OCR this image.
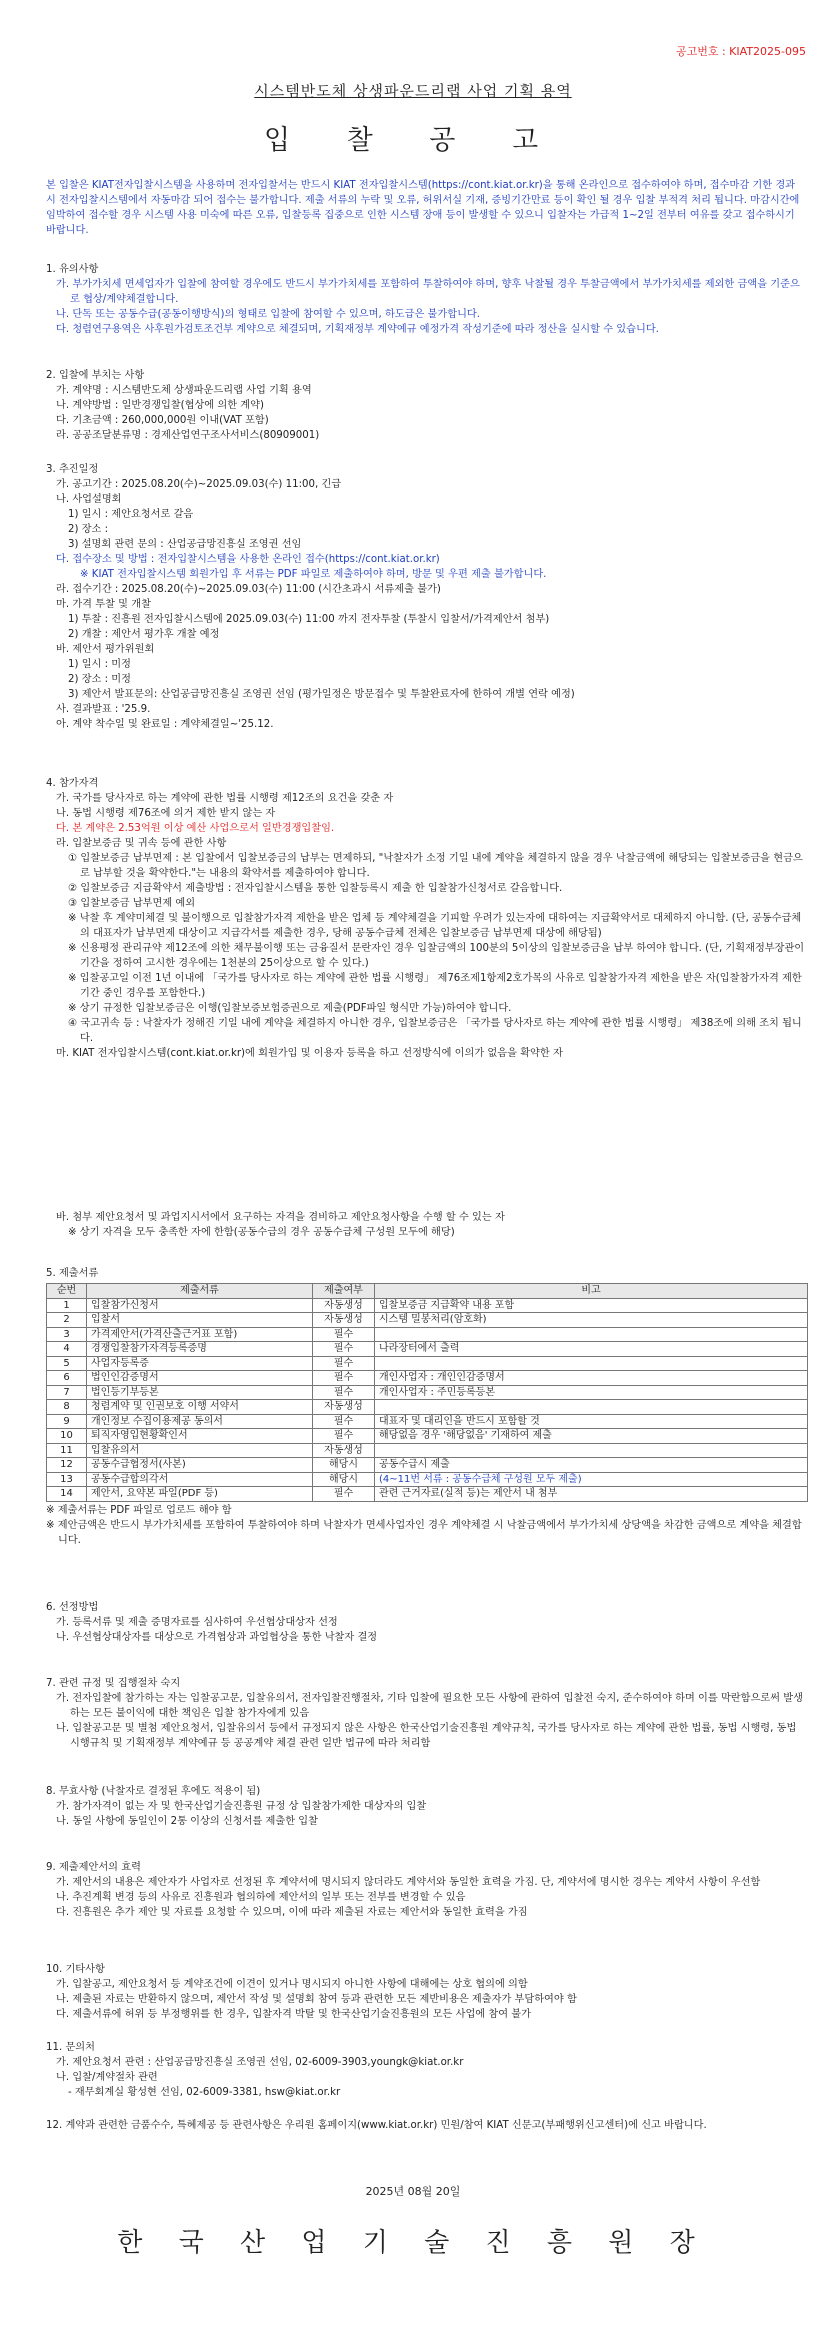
공고번호 : KIAT2025-095
시스템반도체 상생파운드리랩 사업 기획 용역
입 찰 공 고
본 입찰은 KIAT전자입찰시스템을 사용하며 전자입찰서는 반드시 KIAT 전자입찰시스템(https://cont.kiat.or.kr)을 통해 온라인으로 접수하여야 하며, 접수마감 기한 경과 시 전자입찰시스템에서 자동마감 되어 접수는 불가합니다. 제출 서류의 누락 및 오류, 허위서실 기재, 증빙기간만료 등이 확인 될 경우 입찰 부적격 처리 됩니다. 마감시간에 임박하여 접수할 경우 시스템 사용 미숙에 따른 오류, 입찰등록 집중으로 인한 시스템 장애 등이 발생할 수 있으니 입찰자는 가급적 1~2일 전부터 여유를 갖고 접수하시기 바랍니다.
1. 유의사항
가. 부가가치세 면세업자가 입찰에 참여할 경우에도 반드시 부가가치세를 포함하여 투찰하여야 하며, 향후 낙찰될 경우 투찰금액에서 부가가치세를 제외한 금액을 기준으로 협상/계약체결합니다.
나. 단독 또는 공동수급(공동이행방식)의 형태로 입찰에 참여할 수 있으며, 하도급은 불가합니다.
다. 청렴연구용역은 사후원가검토조건부 계약으로 체결되며, 기획재정부 계약예규 예정가격 작성기준에 따라 정산을 실시할 수 있습니다.
2. 입찰에 부치는 사항
가. 계약명 : 시스템반도체 상생파운드리랩 사업 기획 용역
나. 계약방법 : 일반경쟁입찰(협상에 의한 계약)
다. 기초금액 : 260,000,000원 이내(VAT 포함)
라. 공공조달분류명 : 경제산업연구조사서비스(80909001)
3. 추진일정
가. 공고기간 : 2025.08.20(수)~2025.09.03(수) 11:00, 긴급
나. 사업설명회
1) 일시 : 제안요청서로 갈음
2) 장소 :
3) 설명회 관련 문의 : 산업공급망진흥실 조영권 선임
다. 접수장소 및 방법 : 전자입찰시스템을 사용한 온라인 접수(https://cont.kiat.or.kr)
※ KIAT 전자입찰시스템 회원가입 후 서류는 PDF 파일로 제출하여야 하며, 방문 및 우편 제출 불가합니다.
라. 접수기간 : 2025.08.20(수)~2025.09.03(수) 11:00 (시간초과시 서류제출 불가)
마. 가격 투찰 및 개찰
1) 투찰 : 진흥원 전자입찰시스템에 2025.09.03(수) 11:00 까지 전자투찰 (투찰시 입찰서/가격제안서 첨부)
2) 개찰 : 제안서 평가후 개찰 예정
바. 제안서 평가위원회
1) 일시 : 미정
2) 장소 : 미정
3) 제안서 발표문의: 산업공급망진흥실 조영권 선임 (평가일정은 방문접수 및 투찰완료자에 한하여 개별 연락 예정)
사. 결과발표 : '25.9.
아. 계약 착수일 및 완료일 : 계약체결일~'25.12.
4. 참가자격
가. 국가를 당사자로 하는 계약에 관한 법률 시행령 제12조의 요건을 갖춘 자
나. 동법 시행령 제76조에 의거 제한 받지 않는 자
다. 본 계약은 2.53억원 이상 예산 사업으로서 일반경쟁입찰임.
라. 입찰보증금 및 귀속 등에 관한 사항
① 입찰보증금 납부면제 : 본 입찰에서 입찰보증금의 납부는 면제하되, "낙찰자가 소정 기일 내에 계약을 체결하지 않을 경우 낙찰금액에 해당되는 입찰보증금을 현금으로 납부할 것을 확약한다."는 내용의 확약서를 제출하여야 합니다.
② 입찰보증금 지급확약서 제출방법 : 전자입찰시스템을 통한 입찰등록시 제출 한 입찰참가신청서로 갈음합니다.
③ 입찰보증금 납부면제 예외
※ 낙찰 후 계약미체결 및 불이행으로 입찰참가자격 제한을 받은 업체 등 계약체결을 기피할 우려가 있는자에 대하여는 지급확약서로 대체하지 아니함. (단, 공동수급체의 대표자가 납부면제 대상이고 지급각서를 제출한 경우, 당해 공동수급체 전체은 입찰보증금 납부면제 대상에 해당됨)
※ 신용평정 관리규약 제12조에 의한 채무불이행 또는 금융질서 문란자인 경우 입찰금액의 100분의 5이상의 입찰보증금을 납부 하여야 합니다. (단, 기획재정부장관이 기간을 정하여 고시한 경우에는 1천분의 25이상으로 할 수 있다.)
※ 입찰공고일 이전 1년 이내에 「국가를 당사자로 하는 계약에 관한 법률 시행령」 제76조제1항제2호가목의 사유로 입찰참가자격 제한을 받은 자(입찰참가자격 제한 기간 중인 경우를 포함한다.)
※ 상기 규정한 입찰보증금은 이행(입찰보증보험증권으로 제출(PDF파일 형식만 가능)하여야 합니다.
④ 국고귀속 등 : 낙찰자가 정해진 기일 내에 계약을 체결하지 아니한 경우, 입찰보증금은 「국가를 당사자로 하는 계약에 관한 법률 시행령」 제38조에 의해 조치 됩니다.
마. KIAT 전자입찰시스템(cont.kiat.or.kr)에 회원가입 및 이용자 등록을 하고 선정방식에 이의가 없음을 확약한 자
바. 첨부 제안요청서 및 과업지시서에서 요구하는 자격을 겸비하고 제안요청사항을 수행 할 수 있는 자
※ 상기 자격을 모두 충족한 자에 한함(공동수급의 경우 공동수급체 구성원 모두에 해당)
5. 제출서류
순번	제출서류	제출여부	비고
1	입찰참가신청서	자동생성	입찰보증금 지급확약 내용 포함
2	입찰서	자동생성	시스템 밀봉처리(암호화)
3	가격제안서(가격산출근거표 포함)	필수	
4	경쟁입찰참가자격등록증명	필수	나라장터에서 출력
5	사업자등록증	필수	
6	법인인감증명서	필수	개인사업자 : 개인인감증명서
7	법인등기부등본	필수	개인사업자 : 주민등록등본
8	청렴계약 및 인권보호 이행 서약서	자동생성	
9	개인정보 수집이용제공 동의서	필수	대표자 및 대리인을 반드시 포함할 것
10	퇴직자영입현황확인서	필수	해당없음 경우 '해당없음' 기재하여 제출
11	입찰유의서	자동생성	
12	공동수급협정서(사본)	해당시	공동수급시 제출
13	공동수급합의각서	해당시	(4~11번 서류 : 공동수급체 구성원 모두 제출)
14	제안서, 요약본 파일(PDF 등)	필수	관련 근거자료(실적 등)는 제안서 내 첨부
※ 제출서류는 PDF 파일로 업로드 해야 함
※ 제안금액은 반드시 부가가치세를 포함하여 투찰하여야 하며 낙찰자가 면세사업자인 경우 계약체결 시 낙찰금액에서 부가가치세 상당액을 차감한 금액으로 계약을 체결합니다.
6. 선정방법
가. 등록서류 및 제출 증명자료를 심사하여 우선협상대상자 선정
나. 우선협상대상자를 대상으로 가격협상과 과업협상을 통한 낙찰자 결정
7. 관련 규정 및 집행절차 숙지
가. 전자입찰에 참가하는 자는 입찰공고문, 입찰유의서, 전자입찰진행절차, 기타 입찰에 필요한 모든 사항에 관하여 입찰전 숙지, 준수하여야 하며 이를 막란함으로써 발생하는 모든 불이익에 대한 책임은 입찰 참가자에게 있음
나. 입찰공고문 및 별첨 제안요청서, 입찰유의서 등에서 규정되지 않은 사항은 한국산업기술진흥원 계약규칙, 국가를 당사자로 하는 계약에 관한 법률, 동법 시행령, 동법 시행규칙 및 기획재정부 계약예규 등 공공계약 체결 관련 일반 법규에 따라 처리함
8. 무효사항 (낙찰자로 결정된 후에도 적용이 됨)
가. 참가자격이 없는 자 및 한국산업기술진흥원 규정 상 입찰참가제한 대상자의 입찰
나. 동일 사항에 동일인이 2통 이상의 신청서를 제출한 입찰
9. 제출제안서의 효력
가. 제안서의 내용은 제안자가 사업자로 선정된 후 계약서에 명시되지 않더라도 계약서와 동일한 효력을 가짐. 단, 계약서에 명시한 경우는 계약서 사항이 우선함
나. 추진계획 변경 등의 사유로 진흥원과 협의하에 제안서의 일부 또는 전부를 변경할 수 있음
다. 진흥원은 추가 제안 및 자료를 요청할 수 있으며, 이에 따라 제출된 자료는 제안서와 동일한 효력을 가짐
10. 기타사항
가. 입찰공고, 제안요청서 등 계약조건에 이견이 있거나 명시되지 아니한 사항에 대해에는 상호 협의에 의함
나. 제출된 자료는 반환하지 않으며, 제안서 작성 및 설명회 참여 등과 관련한 모든 제반비용은 제출자가 부담하여야 함
다. 제출서류에 허위 등 부정행위를 한 경우, 입찰자격 박탈 및 한국산업기술진흥원의 모든 사업에 참여 불가
11. 문의처
가. 제안요청서 관련 : 산업공급망진흥실 조영권 선임, 02-6009-3903,youngk@kiat.or.kr
나. 입찰/계약절차 관련
- 재무회계실 황성현 선임, 02-6009-3381, hsw@kiat.or.kr
12. 계약과 관련한 금품수수, 특혜제공 등 관련사항은 우리원 홈페이지(www.kiat.or.kr) 민원/참여 KIAT 신문고(부패행위신고센터)에 신고 바랍니다.
2025년 08월 20일
한 국 산 업 기 술 진 흥 원 장
